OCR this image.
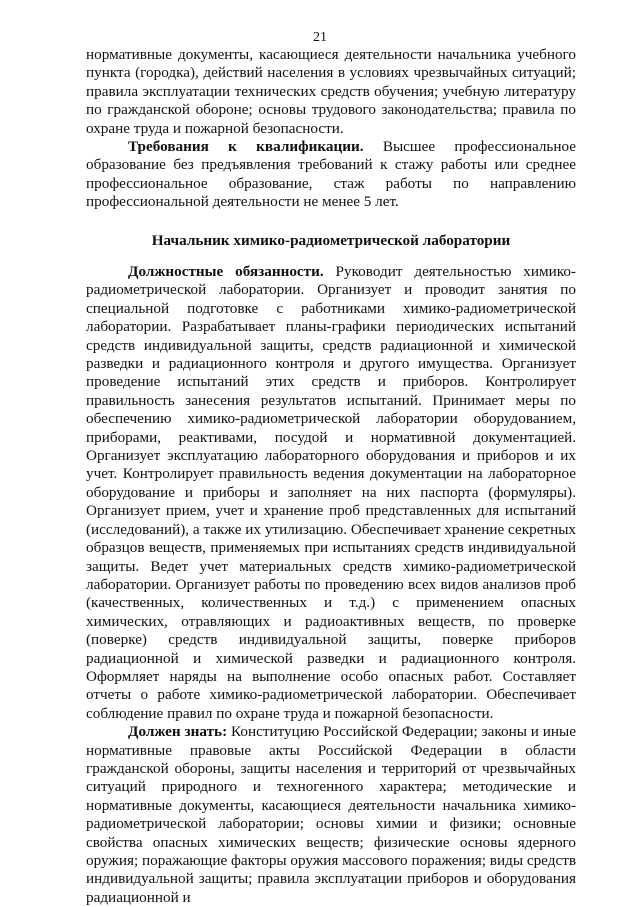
21

нормативные документы, касающиеся деятельности начальника учебного пункта (городка), действий населения в условиях чрезвычайных ситуаций; правила эксплуатации технических средств обучения; учебную литературу по гражданской обороне; основы трудового законодательства; правила по охране труда и пожарной безопасности.

Требования к квалификации. Высшее профессиональное образование без предъявления требований к стажу работы или среднее профессиональное образование, стаж работы по направлению профессиональной деятельности не менее 5 лет.

Начальник химико-радиометрической лаборатории

Должностные обязанности. Руководит деятельностью химико-радиометрической лаборатории. Организует и проводит занятия по специальной подготовке с работниками химико-радиометрической лаборатории. Разрабатывает планы-графики периодических испытаний средств индивидуальной защиты, средств радиационной и химической разведки и радиационного контроля и другого имущества. Организует проведение испытаний этих средств и приборов. Контролирует правильность занесения результатов испытаний. Принимает меры по обеспечению химико-радиометрической лаборатории оборудованием, приборами, реактивами, посудой и нормативной документацией. Организует эксплуатацию лабораторного оборудования и приборов и их учет. Контролирует правильность ведения документации на лабораторное оборудование и приборы и заполняет на них паспорта (формуляры). Организует прием, учет и хранение проб представленных для испытаний (исследований), а также их утилизацию. Обеспечивает хранение секретных образцов веществ, применяемых при испытаниях средств индивидуальной защиты. Ведет учет материальных средств химико-радиометрической лаборатории. Организует работы по проведению всех видов анализов проб (качественных, количественных и т.д.) с применением опасных химических, отравляющих и радиоактивных веществ, по проверке (поверке) средств индивидуальной защиты, поверке приборов радиационной и химической разведки и радиационного контроля. Оформляет наряды на выполнение особо опасных работ. Составляет отчеты о работе химико-радиометрической лаборатории. Обеспечивает соблюдение правил по охране труда и пожарной безопасности.

Должен знать: Конституцию Российской Федерации; законы и иные нормативные правовые акты Российской Федерации в области гражданской обороны, защиты населения и территорий от чрезвычайных ситуаций природного и техногенного характера; методические и нормативные документы, касающиеся деятельности начальника химико-радиометрической лаборатории; основы химии и физики; основные свойства опасных химических веществ; физические основы ядерного оружия; поражающие факторы оружия массового поражения; виды средств индивидуальной защиты; правила эксплуатации приборов и оборудования радиационной и
